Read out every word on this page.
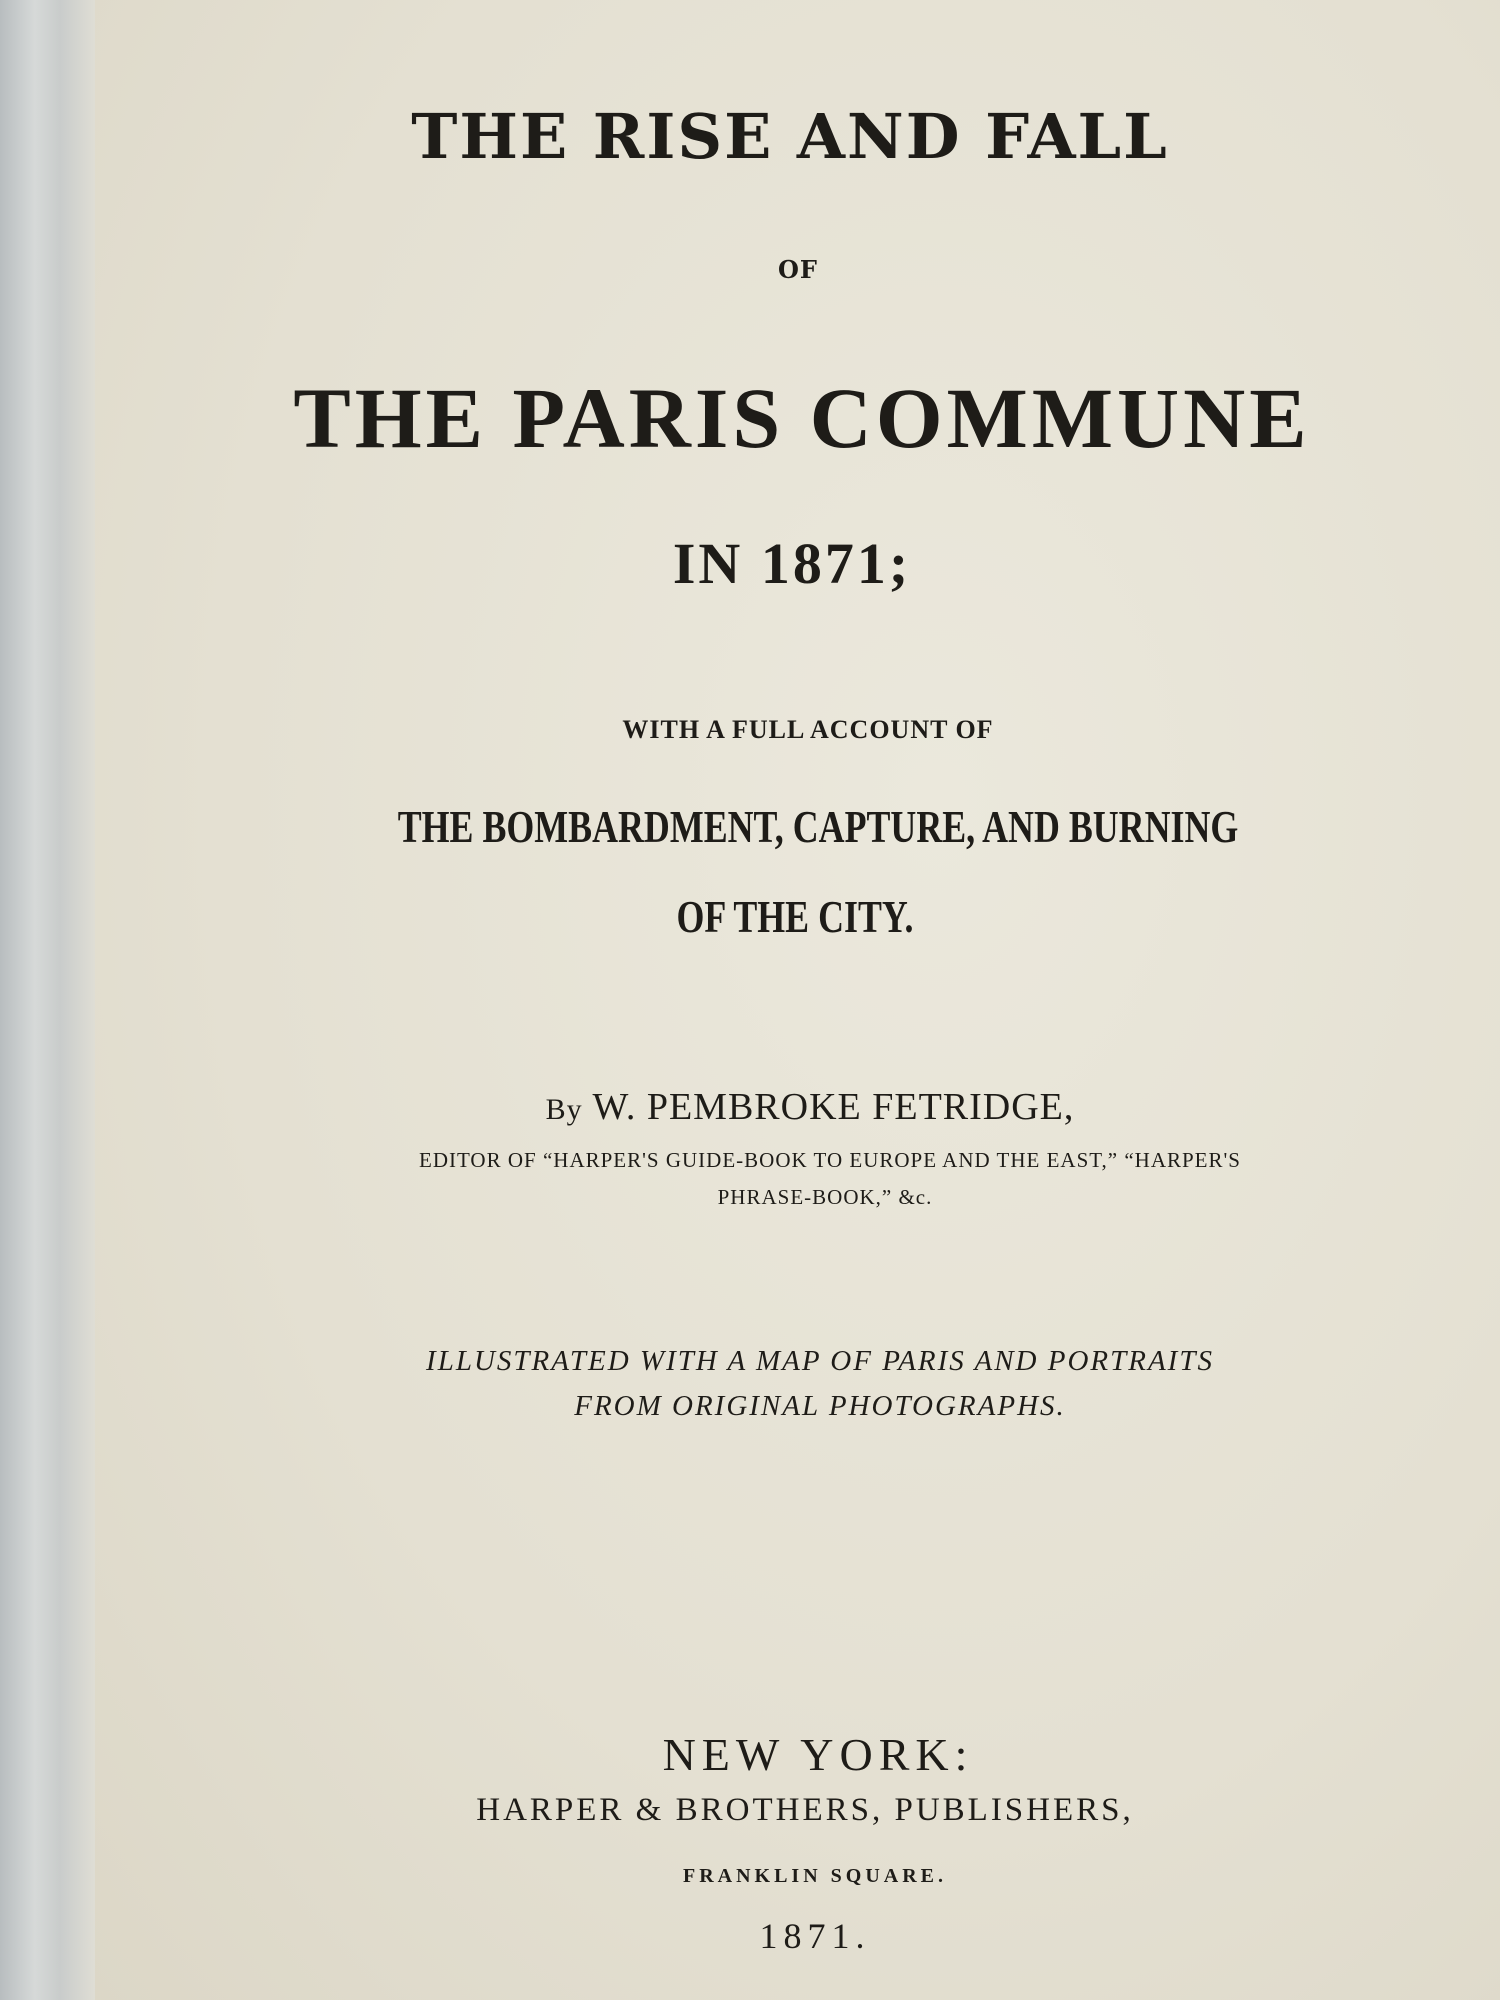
THE RISE AND FALL
OF
THE PARIS COMMUNE
IN 1871;
WITH A FULL ACCOUNT OF
THE BOMBARDMENT, CAPTURE, AND BURNING
OF THE CITY.
By W. PEMBROKE FETRIDGE,
EDITOR OF “HARPER'S GUIDE-BOOK TO EUROPE AND THE EAST,” “HARPER'S
PHRASE-BOOK,” &c.
ILLUSTRATED WITH A MAP OF PARIS AND PORTRAITS
FROM ORIGINAL PHOTOGRAPHS.
NEW YORK:
HARPER & BROTHERS, PUBLISHERS,
FRANKLIN SQUARE.
1871.
